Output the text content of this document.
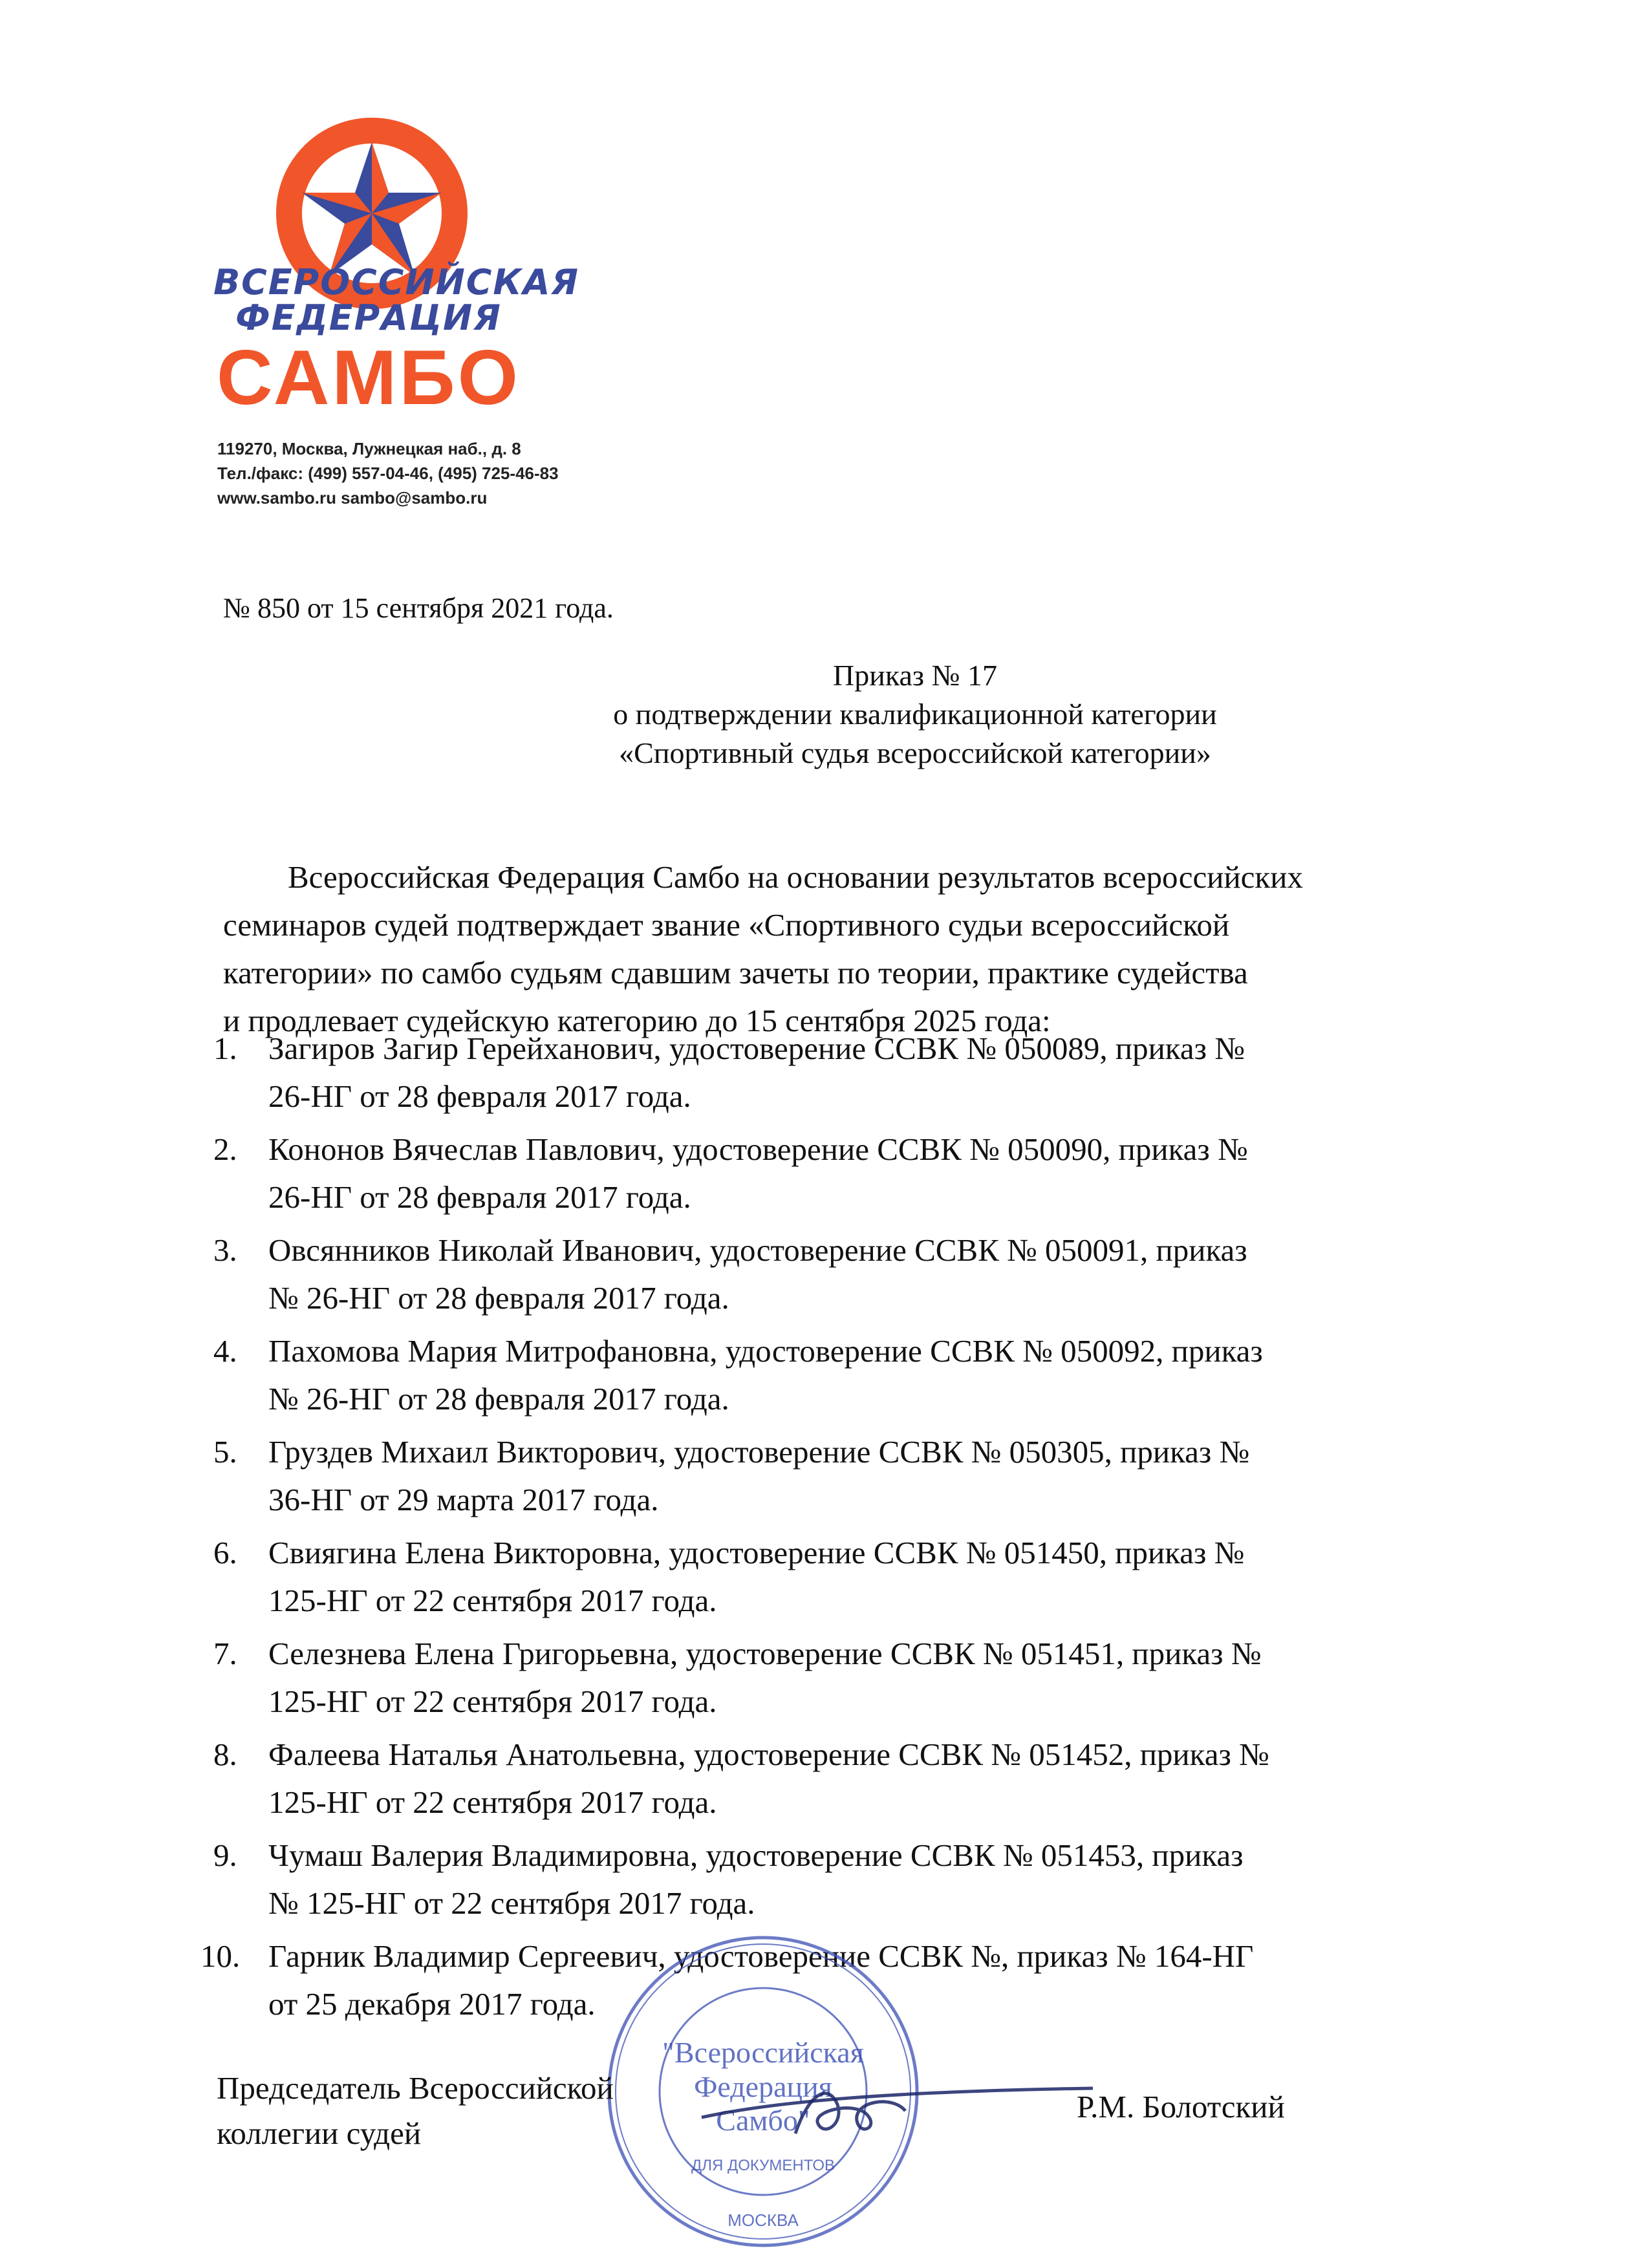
ВСЕРОССИЙСКАЯ
ФЕДЕРАЦИЯ
САМБО
119270, Москва, Лужнецкая наб., д. 8
Тел./факс: (499) 557-04-46, (495) 725-46-83
www.sambo.ru sambo@sambo.ru
№ 850 от 15 сентября 2021 года.
Приказ № 17
о подтверждении квалификационной категории
«Спортивный судья всероссийской категории»
Всероссийская Федерация Самбо на основании результатов всероссийских
семинаров судей подтверждает звание «Спортивного судьи всероссийской
категории» по самбо судьям сдавшим зачеты по теории, практике судейства
и продлевает судейскую категорию до 15 сентября 2025 года:
1. Загиров Загир Герейханович, удостоверение ССВК № 050089, приказ №
26-НГ от 28 февраля 2017 года.
2. Кононов Вячеслав Павлович, удостоверение ССВК № 050090, приказ №
26-НГ от 28 февраля 2017 года.
3. Овсянников Николай Иванович, удостоверение ССВК № 050091, приказ
№ 26-НГ от 28 февраля 2017 года.
4. Пахомова Мария Митрофановна, удостоверение ССВК № 050092, приказ
№ 26-НГ от 28 февраля 2017 года.
5. Груздев Михаил Викторович, удостоверение ССВК № 050305, приказ №
36-НГ от 29 марта 2017 года.
6. Свиягина Елена Викторовна, удостоверение ССВК № 051450, приказ №
125-НГ от 22 сентября 2017 года.
7. Селезнева Елена Григорьевна, удостоверение ССВК № 051451, приказ №
125-НГ от 22 сентября 2017 года.
8. Фалеева Наталья Анатольевна, удостоверение ССВК № 051452, приказ №
125-НГ от 22 сентября 2017 года.
9. Чумаш Валерия Владимировна, удостоверение ССВК № 051453, приказ
№ 125-НГ от 22 сентября 2017 года.
10. Гарник Владимир Сергеевич, удостоверение ССВК №, приказ № 164-НГ
от 25 декабря 2017 года.

"Всероссийская
Федерация
Самбо"
ДЛЯ ДОКУМЕНТОВ
МОСКВА
Председатель Всероссийской
коллегии судей
Р.М. Болотский
